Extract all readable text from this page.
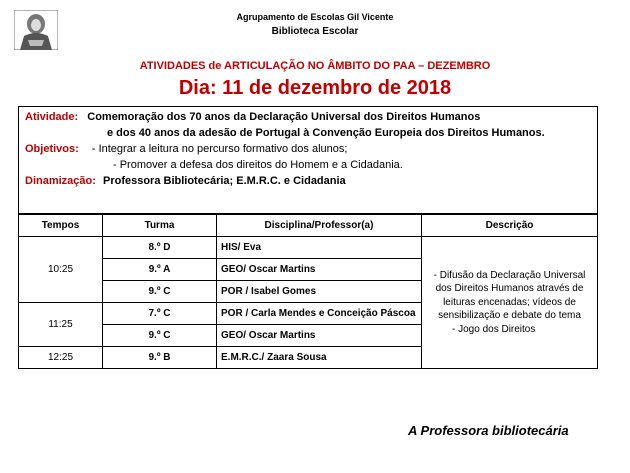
Agrupamento de Escolas Gil Vicente
Biblioteca Escolar
ATIVIDADES de ARTICULAÇÃO NO ÂMBITO DO PAA – DEZEMBRO
Dia: 11 de dezembro de 2018
Atividade: Comemoração dos 70 anos da Declaração Universal dos Direitos Humanos
e dos 40 anos da adesão de Portugal à Convenção Europeia dos Direitos Humanos.
Objetivos: - Integrar a leitura no percurso formativo dos alunos;
- Promover a defesa dos direitos do Homem e a Cidadania.
Dinamização: Professora Bibliotecária; E.M.R.C. e Cidadania
Tempos	Turma	Disciplina/Professor(a)	Descrição
10:25	8.º D	HIS/ Eva	- Difusão da Declaração Universal dos Direitos Humanos através de leituras encenadas; vídeos de sensibilização e debate do tema
- Jogo dos Direitos

	9.º A	GEO/ Oscar Martins	
	9.º C	POR / Isabel Gomes	
11:25	7.º C	POR / Carla Mendes e Conceição Páscoa	
	9.º C	GEO/ Oscar Martins	
12:25	9.º B	E.M.R.C./ Zaara Sousa	
A Professora bibliotecária
